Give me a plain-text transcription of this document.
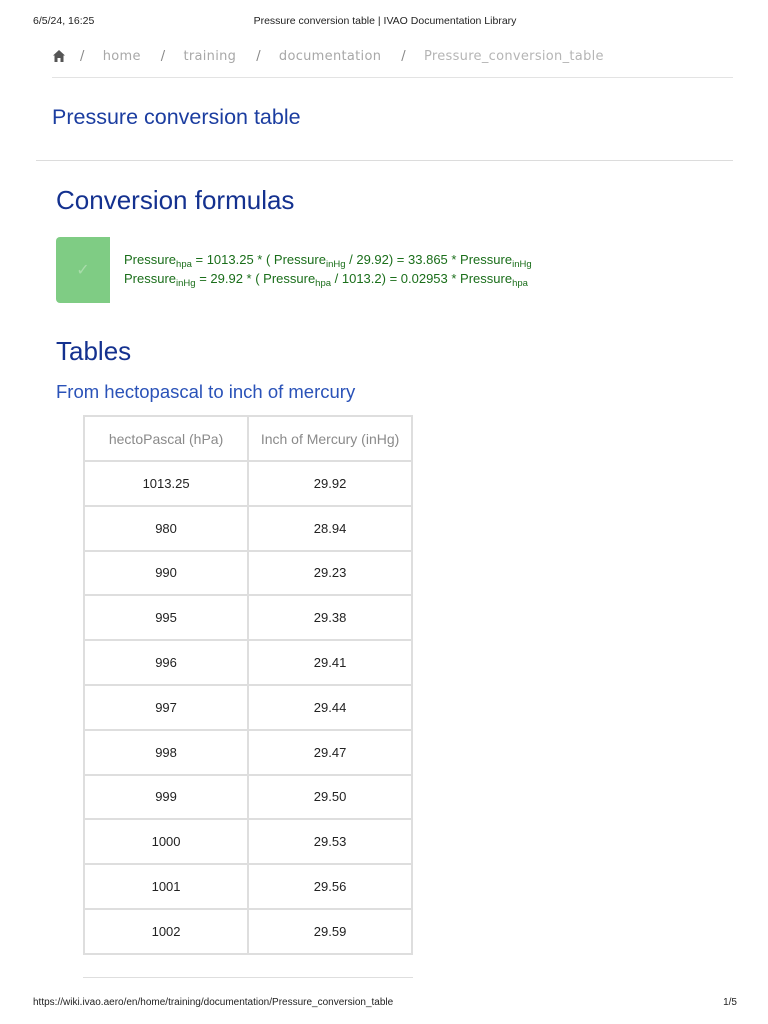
6/5/24, 16:25	Pressure conversion table | IVAO Documentation Library
/ home / training / documentation / Pressure_conversion_table
Pressure conversion table
Conversion formulas
✓
Pressure$_{hpa}$ = 1013.25 * ( Pressure$_{inHg}$ / 29.92) = 33.865 * Pressure$_{inHg}$
Pressure$_{inHg}$ = 29.92 * ( Pressure$_{hpa}$ / 1013.2) = 0.02953 * Pressure$_{hpa}$
Tables
From hectopascal to inch of mercury
hectoPascal (hPa)	Inch of Mercury (inHg)
1013.25	29.92
980	28.94
990	29.23
995	29.38
996	29.41
997	29.44
998	29.47
999	29.50
1000	29.53
1001	29.56
1002	29.59
https://wiki.ivao.aero/en/home/training/documentation/Pressure_conversion_table	1/5
